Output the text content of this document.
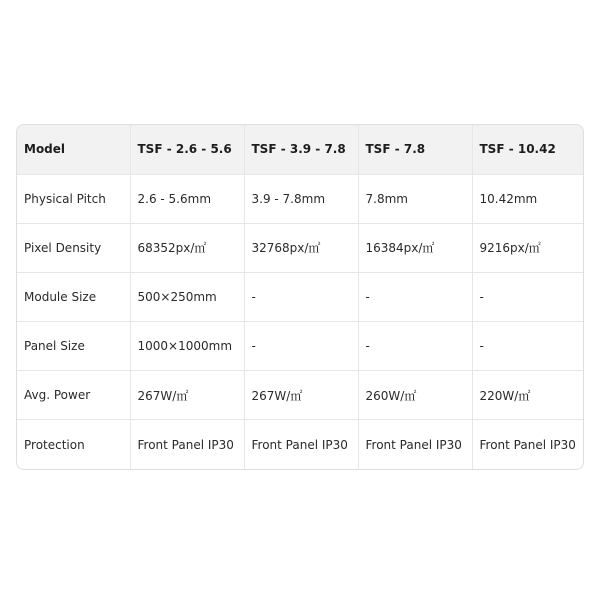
Model	TSF - 2.6 - 5.6	TSF - 3.9 - 7.8	TSF - 7.8	TSF - 10.42
Physical Pitch	2.6 - 5.6mm	3.9 - 7.8mm	7.8mm	10.42mm
Pixel Density	68352px/㎡	32768px/㎡	16384px/㎡	9216px/㎡
Module Size	500×250mm	-	-	-
Panel Size	1000×1000mm	-	-	-
Avg. Power	267W/㎡	267W/㎡	260W/㎡	220W/㎡
Protection	Front Panel IP30	Front Panel IP30	Front Panel IP30	Front Panel IP30
